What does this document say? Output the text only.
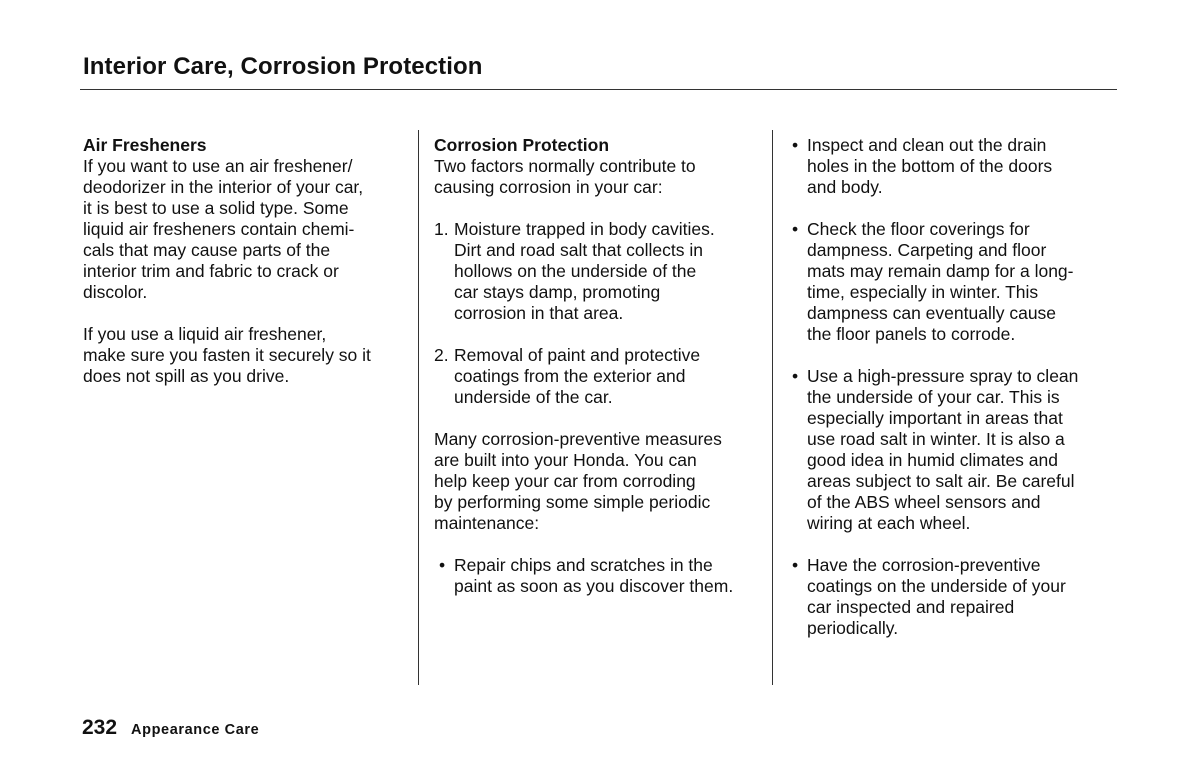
Interior Care, Corrosion Protection

Air Fresheners

If you want to use an air freshener/
deodorizer in the interior of your car,
it is best to use a solid type. Some
liquid air fresheners contain chemi-
cals that may cause parts of the
interior trim and fabric to crack or
discolor.

If you use a liquid air freshener,
make sure you fasten it securely so it
does not spill as you drive.

Corrosion Protection

Two factors normally contribute to
causing corrosion in your car:

1. Moisture trapped in body cavities.
Dirt and road salt that collects in
hollows on the underside of the
car stays damp, promoting
corrosion in that area.
2. Removal of paint and protective
coatings from the exterior and
underside of the car.

Many corrosion-preventive measures
are built into your Honda. You can
help keep your car from corroding
by performing some simple periodic
maintenance:

• Repair chips and scratches in the
paint as soon as you discover them.
• Inspect and clean out the drain
holes in the bottom of the doors
and body.
• Check the floor coverings for
dampness. Carpeting and floor
mats may remain damp for a long-
time, especially in winter. This
dampness can eventually cause
the floor panels to corrode.
• Use a high-pressure spray to clean
the underside of your car. This is
especially important in areas that
use road salt in winter. It is also a
good idea in humid climates and
areas subject to salt air. Be careful
of the ABS wheel sensors and
wiring at each wheel.
• Have the corrosion-preventive
coatings on the underside of your
car inspected and repaired
periodically.
232 Appearance Care
